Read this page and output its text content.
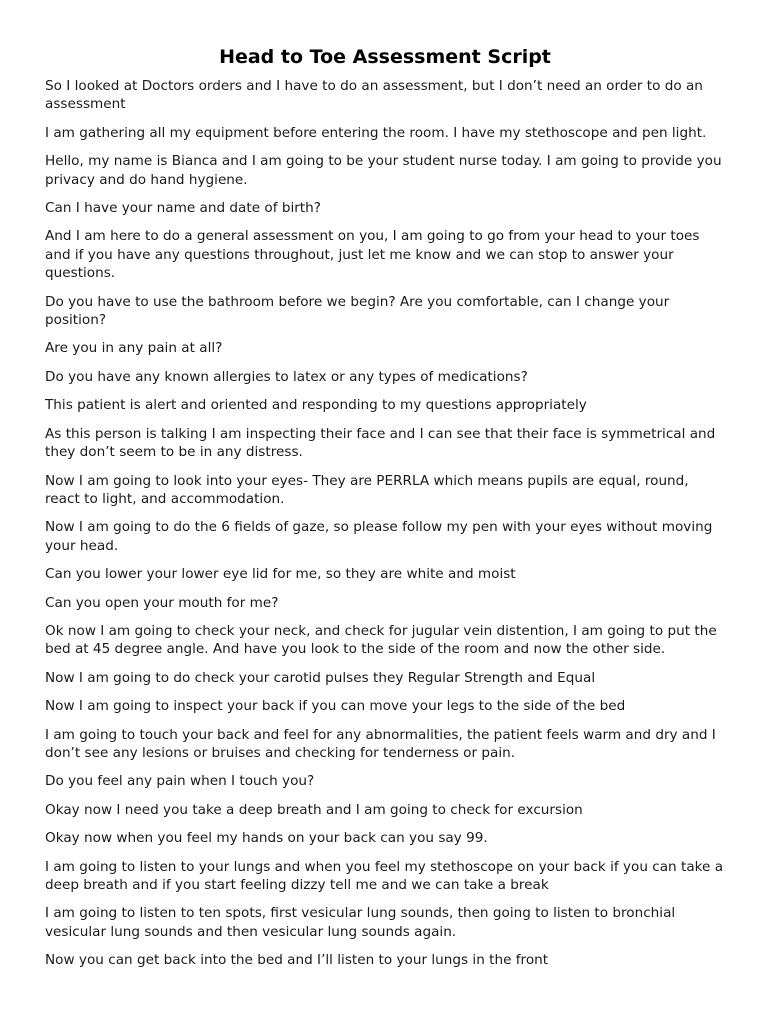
Head to Toe Assessment Script

So I looked at Doctors orders and I have to do an assessment, but I don’t need an order to do an assessment

I am gathering all my equipment before entering the room. I have my stethoscope and pen light.

Hello, my name is Bianca and I am going to be your student nurse today. I am going to provide you privacy and do hand hygiene.

Can I have your name and date of birth?

And I am here to do a general assessment on you, I am going to go from your head to your toes and if you have any questions throughout, just let me know and we can stop to answer your questions.

Do you have to use the bathroom before we begin? Are you comfortable, can I change your position?

Are you in any pain at all?

Do you have any known allergies to latex or any types of medications?

This patient is alert and oriented and responding to my questions appropriately

As this person is talking I am inspecting their face and I can see that their face is symmetrical and they don’t seem to be in any distress.

Now I am going to look into your eyes- They are PERRLA which means pupils are equal, round, react to light, and accommodation.

Now I am going to do the 6 fields of gaze, so please follow my pen with your eyes without moving your head.

Can you lower your lower eye lid for me, so they are white and moist

Can you open your mouth for me?

Ok now I am going to check your neck, and check for jugular vein distention, I am going to put the bed at 45 degree angle. And have you look to the side of the room and now the other side.

Now I am going to do check your carotid pulses they Regular Strength and Equal

Now I am going to inspect your back if you can move your legs to the side of the bed

I am going to touch your back and feel for any abnormalities, the patient feels warm and dry and I don’t see any lesions or bruises and checking for tenderness or pain.

Do you feel any pain when I touch you?

Okay now I need you take a deep breath and I am going to check for excursion

Okay now when you feel my hands on your back can you say 99.

I am going to listen to your lungs and when you feel my stethoscope on your back if you can take a deep breath and if you start feeling dizzy tell me and we can take a break

I am going to listen to ten spots, first vesicular lung sounds, then going to listen to bronchial vesicular lung sounds and then vesicular lung sounds again.

Now you can get back into the bed and I’ll listen to your lungs in the front
